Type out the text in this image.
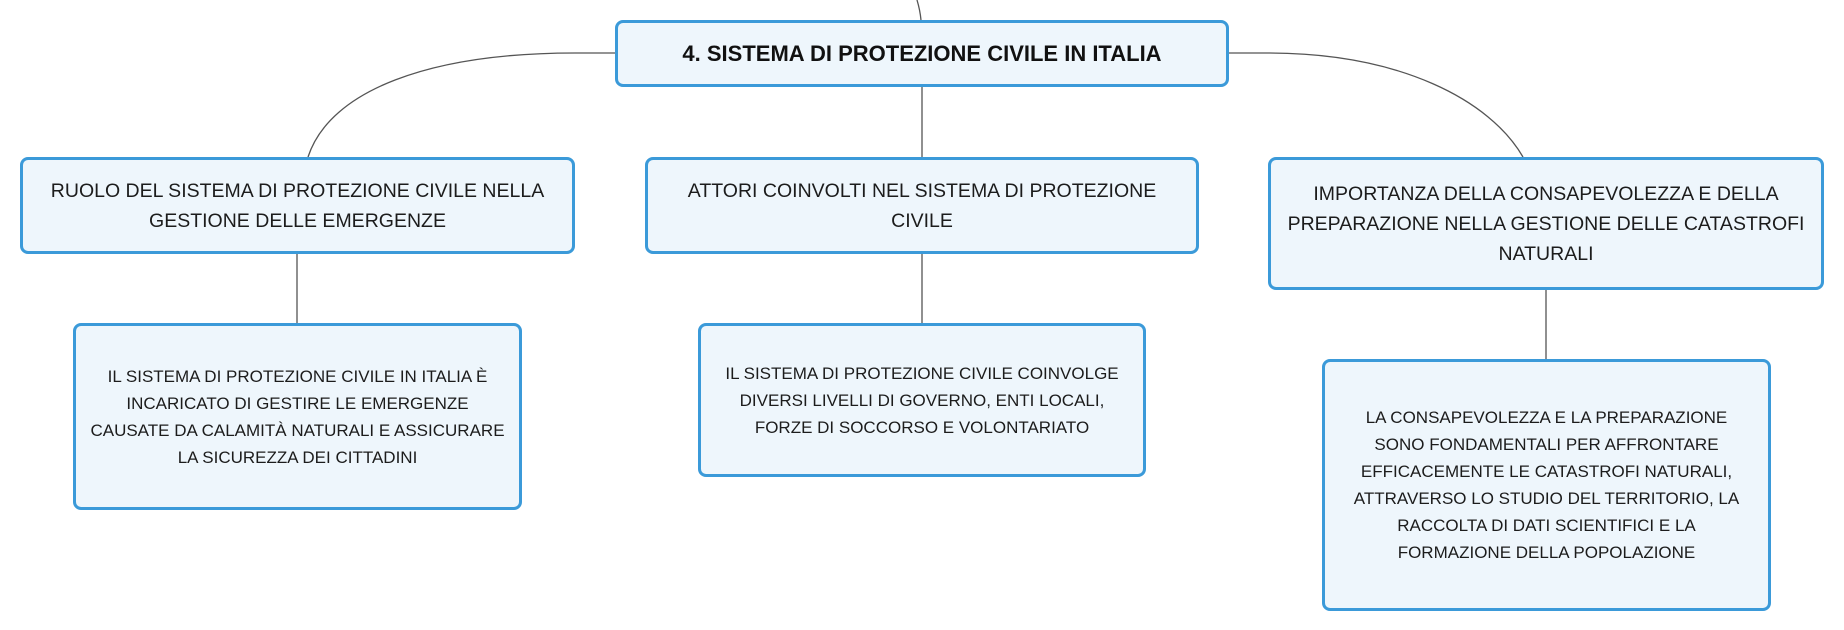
4. SISTEMA DI PROTEZIONE CIVILE IN ITALIA
RUOLO DEL SISTEMA DI PROTEZIONE CIVILE NELLA GESTIONE DELLE EMERGENZE
ATTORI COINVOLTI NEL SISTEMA DI PROTEZIONE CIVILE
IMPORTANZA DELLA CONSAPEVOLEZZA E DELLA PREPARAZIONE NELLA GESTIONE DELLE CATASTROFI NATURALI
IL SISTEMA DI PROTEZIONE CIVILE IN ITALIA È INCARICATO DI GESTIRE LE EMERGENZE CAUSATE DA CALAMITÀ NATURALI E ASSICURARE LA SICUREZZA DEI CITTADINI
IL SISTEMA DI PROTEZIONE CIVILE COINVOLGE DIVERSI LIVELLI DI GOVERNO, ENTI LOCALI, FORZE DI SOCCORSO E VOLONTARIATO	LA CONSAPEVOLEZZA E LA PREPARAZIONE SONO FONDAMENTALI PER AFFRONTARE EFFICACEMENTE LE CATASTROFI NATURALI, ATTRAVERSO LO STUDIO DEL TERRITORIO, LA RACCOLTA DI DATI SCIENTIFICI E LA FORMAZIONE DELLA POPOLAZIONE
